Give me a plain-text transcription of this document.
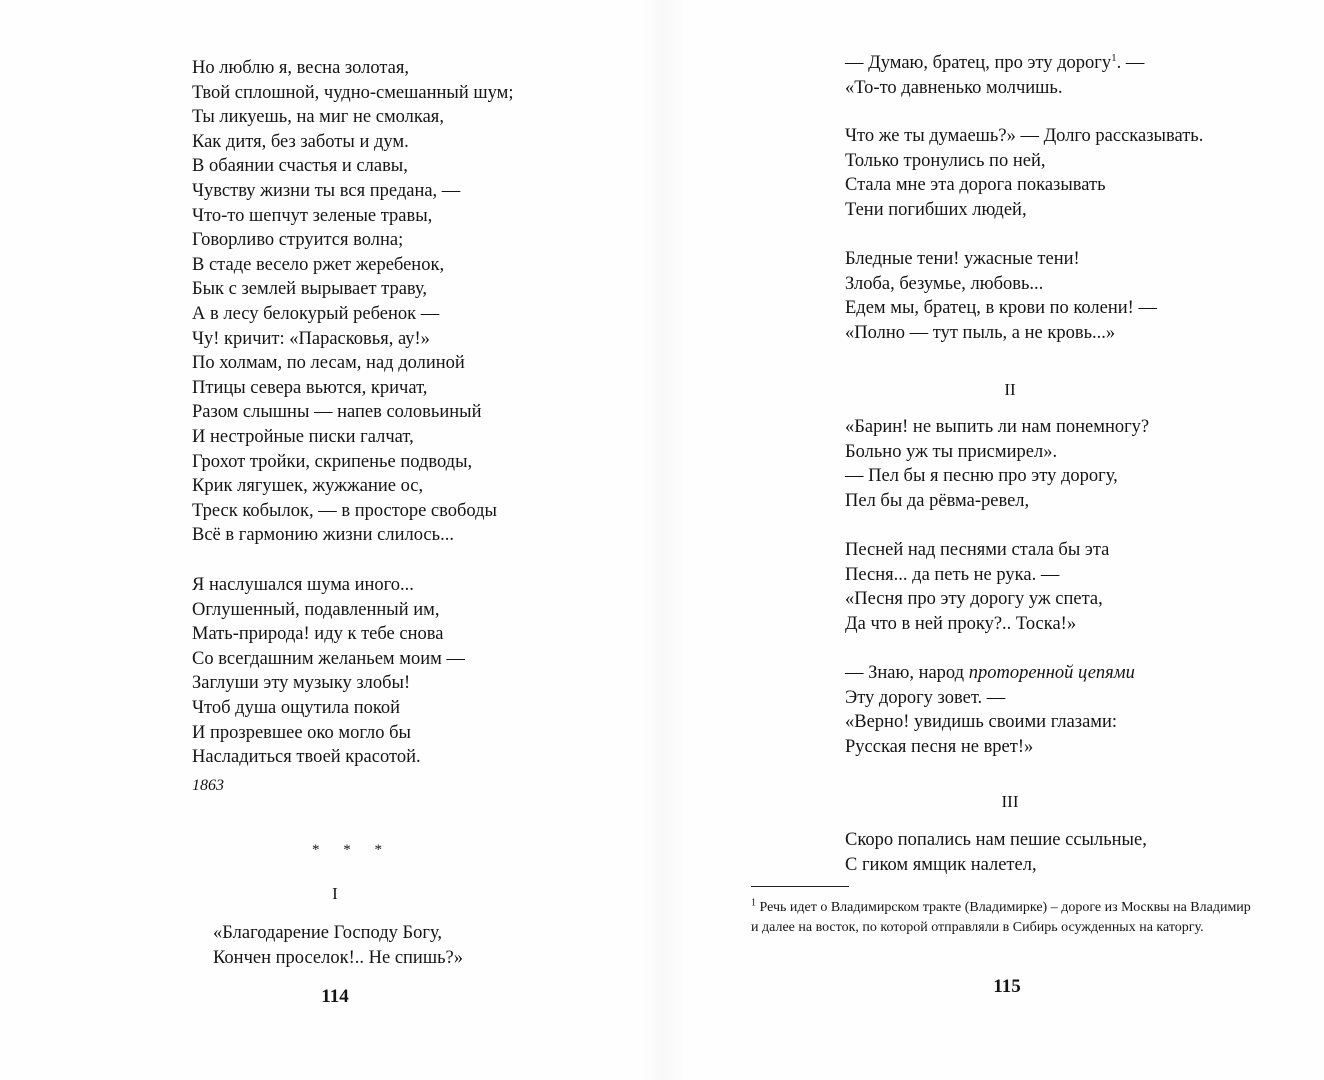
Но люблю я, весна золотая,
Твой сплошной, чудно-смешанный шум;
Ты ликуешь, на миг не смолкая,
Как дитя, без заботы и дум.
В обаянии счастья и славы,
Чувству жизни ты вся предана, —
Что-то шепчут зеленые травы,
Говорливо струится волна;
В стаде весело ржет жеребенок,
Бык с землей вырывает траву,
А в лесу белокурый ребенок —
Чу! кричит: «Парасковья, ау!»
По холмам, по лесам, над долиной
Птицы севера вьются, кричат,
Разом слышны — напев соловьиный
И нестройные писки галчат,
Грохот тройки, скрипенье подводы,
Крик лягушек, жужжание ос,
Треск кобылок, — в просторе свободы
Всё в гармонию жизни слилось...
Я наслушался шума иного...
Оглушенный, подавленный им,
Мать-природа! иду к тебе снова
Со всегдашним желаньем моим —
Заглуши эту музыку злобы!
Чтоб душа ощутила покой
И прозревшее око могло бы
Насладиться твоей красотой.
1863
* * *
I
«Благодарение Господу Богу,
Кончен проселок!.. Не спишь?»
114
— Думаю, братец, про эту дорогу$^1$. —
«То-то давненько молчишь.
Что же ты думаешь?» — Долго рассказывать.
Только тронулись по ней,
Стала мне эта дорога показывать
Тени погибших людей,
Бледные тени! ужасные тени!
Злоба, безумье, любовь...
Едем мы, братец, в крови по колени! —
«Полно — тут пыль, а не кровь...»
II
«Барин! не выпить ли нам понемногу?
Больно уж ты присмирел».
— Пел бы я песню про эту дорогу,
Пел бы да рёвма-ревел,
Песней над песнями стала бы эта
Песня... да петь не рука. —
«Песня про эту дорогу уж спета,
Да что в ней проку?.. Тоска!»
— Знаю, народ проторенной цепями
Эту дорогу зовет. —
«Верно! увидишь своими глазами:
Русская песня не врет!»
III
Скоро попались нам пешие ссыльные,
С гиком ямщик налетел,
115

$^1$ Речь идет о Владимирском тракте (Владимирке) – дороге из Москвы на Владимир и далее на восток, по которой отправляли в Сибирь осужденных на каторгу.
